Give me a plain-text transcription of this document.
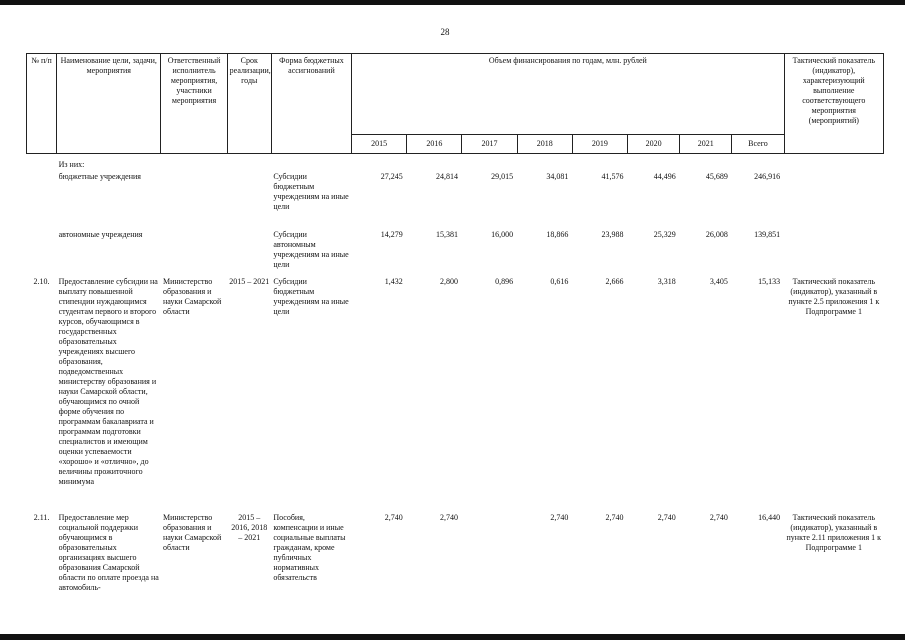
28
№ п/п	Наименование цели, задачи, мероприятия	Ответственный исполнитель мероприятия, участники мероприятия	Срок реализации, годы	Форма бюджетных ассигнований	Объем финансирования по годам, млн. рублей								Тактический показатель (индикатор), характеризующий выполнение соответствующего мероприятия (мероприятий)
					2015	2016	2017	2018	2019	2020	2021	Всего	
	Из них:												
	бюджетные учреждения			Субсидии бюджетным учреждениям на иные цели	27,245	24,814	29,015	34,081	41,576	44,496	45,689	246,916	
	автономные учреждения			Субсидии автономным учреждениям на иные цели	14,279	15,381	16,000	18,866	23,988	25,329	26,008	139,851	
2.10.	Предоставление субсидии на выплату повышенной стипендии нуждающимся студентам первого и второго курсов, обучающимся в государственных образовательных учреждениях высшего образования, подведомственных министерству образования и науки Самарской области, обучающимся по очной форме обучения по программам бакалавриата и программам подготовки специалистов и имеющим оценки успеваемости «хорошо» и «отлично», до величины прожиточного минимума	Министерство образования и науки Самарской области	2015 – 2021	Субсидии бюджетным учреждениям на иные цели	1,432	2,800	0,896	0,616	2,666	3,318	3,405	15,133	Тактический показатель (индикатор), указанный в пункте 2.5 приложения 1 к Подпрограмме 1
2.11.	Предоставление мер социальной поддержки обучающимся в образовательных организациях высшего образования Самарской области по оплате проезда на автомобиль-	Министерство образования и науки Самарской области	2015 – 2016, 2018 – 2021	Пособия, компенсации и иные социальные выплаты гражданам, кроме публичных нормативных обязательств	2,740	2,740		2,740	2,740	2,740	2,740	16,440	Тактический показатель (индикатор), указанный в пункте 2.11 приложения 1 к Подпрограмме 1
